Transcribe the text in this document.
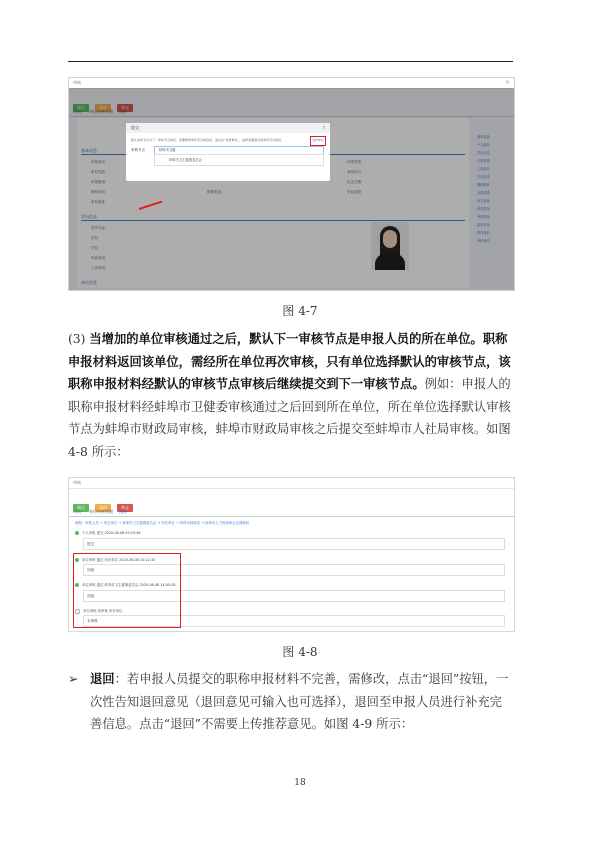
审核	×
通过	退回	终止
详情 单位审核管理 流程
基本信息
申报单位：
单位性质：
申报级别：
聘任时间：
单位地址：
联系电话：
评审类型：
身份证号：
出生日期：
毕业院校：
学历信息
所学专业：
学历：
学位：
毕业时间：
工作时间：
单位信息
基本信息
个人履历
学历信息
任职资格
工作经历
专业技术
继续教育
业绩成果
论文论著
获奖情况
考核情况
推荐意见
附件材料
审核意见
提交	×
默认审核节点为下一审核节点单位，需要修改审核节点单位时，请点击“选择单位”，选择需要提交的审核节点单位。	选择单位
审核节点	蚌埠市卫健
蚌埠市卫生健康委员会
图 4-7
(3) 当增加的单位审核通过之后，默认下一审核节点是申报人员的所在单位。职称申报材料返回该单位，需经所在单位再次审核，只有单位选择默认的审核节点，该职称申报材料经默认的审核节点审核后继续提交到下一审核节点。例如：申报人的职称申报材料经蚌埠市卫健委审核通过之后回到所在单位，所在单位选择默认审核节点为蚌埠市财政局审核，蚌埠市财政局审核之后提交至蚌埠市人社局审核。如图 4-8 所示：
审核
通过	退回	终止
详情 单位审核管理 流程
流程：申报人员 → 所在单位 → 蚌埠市卫生健康委员会 → 所在单位 → 蚌埠市财政局 → 蚌埠市人力资源和社会保障局
个人申报 提交 2020-06-08 09:25:46
提交
单位审核 通过 所在单位 2020-06-08 10:12:30
同意
单位审核 通过 蚌埠市卫生健康委员会 2020-06-08 14:05:18
同意
单位审核 待审核 所在单位
未审核
图 4-8
➢ 退回：若申报人员提交的职称申报材料不完善，需修改，点击“退回”按钮，一次性告知退回意见（退回意见可输入也可选择），退回至申报人员进行补充完善信息。点击“退回”不需要上传推荐意见。如图 4-9 所示：
18
